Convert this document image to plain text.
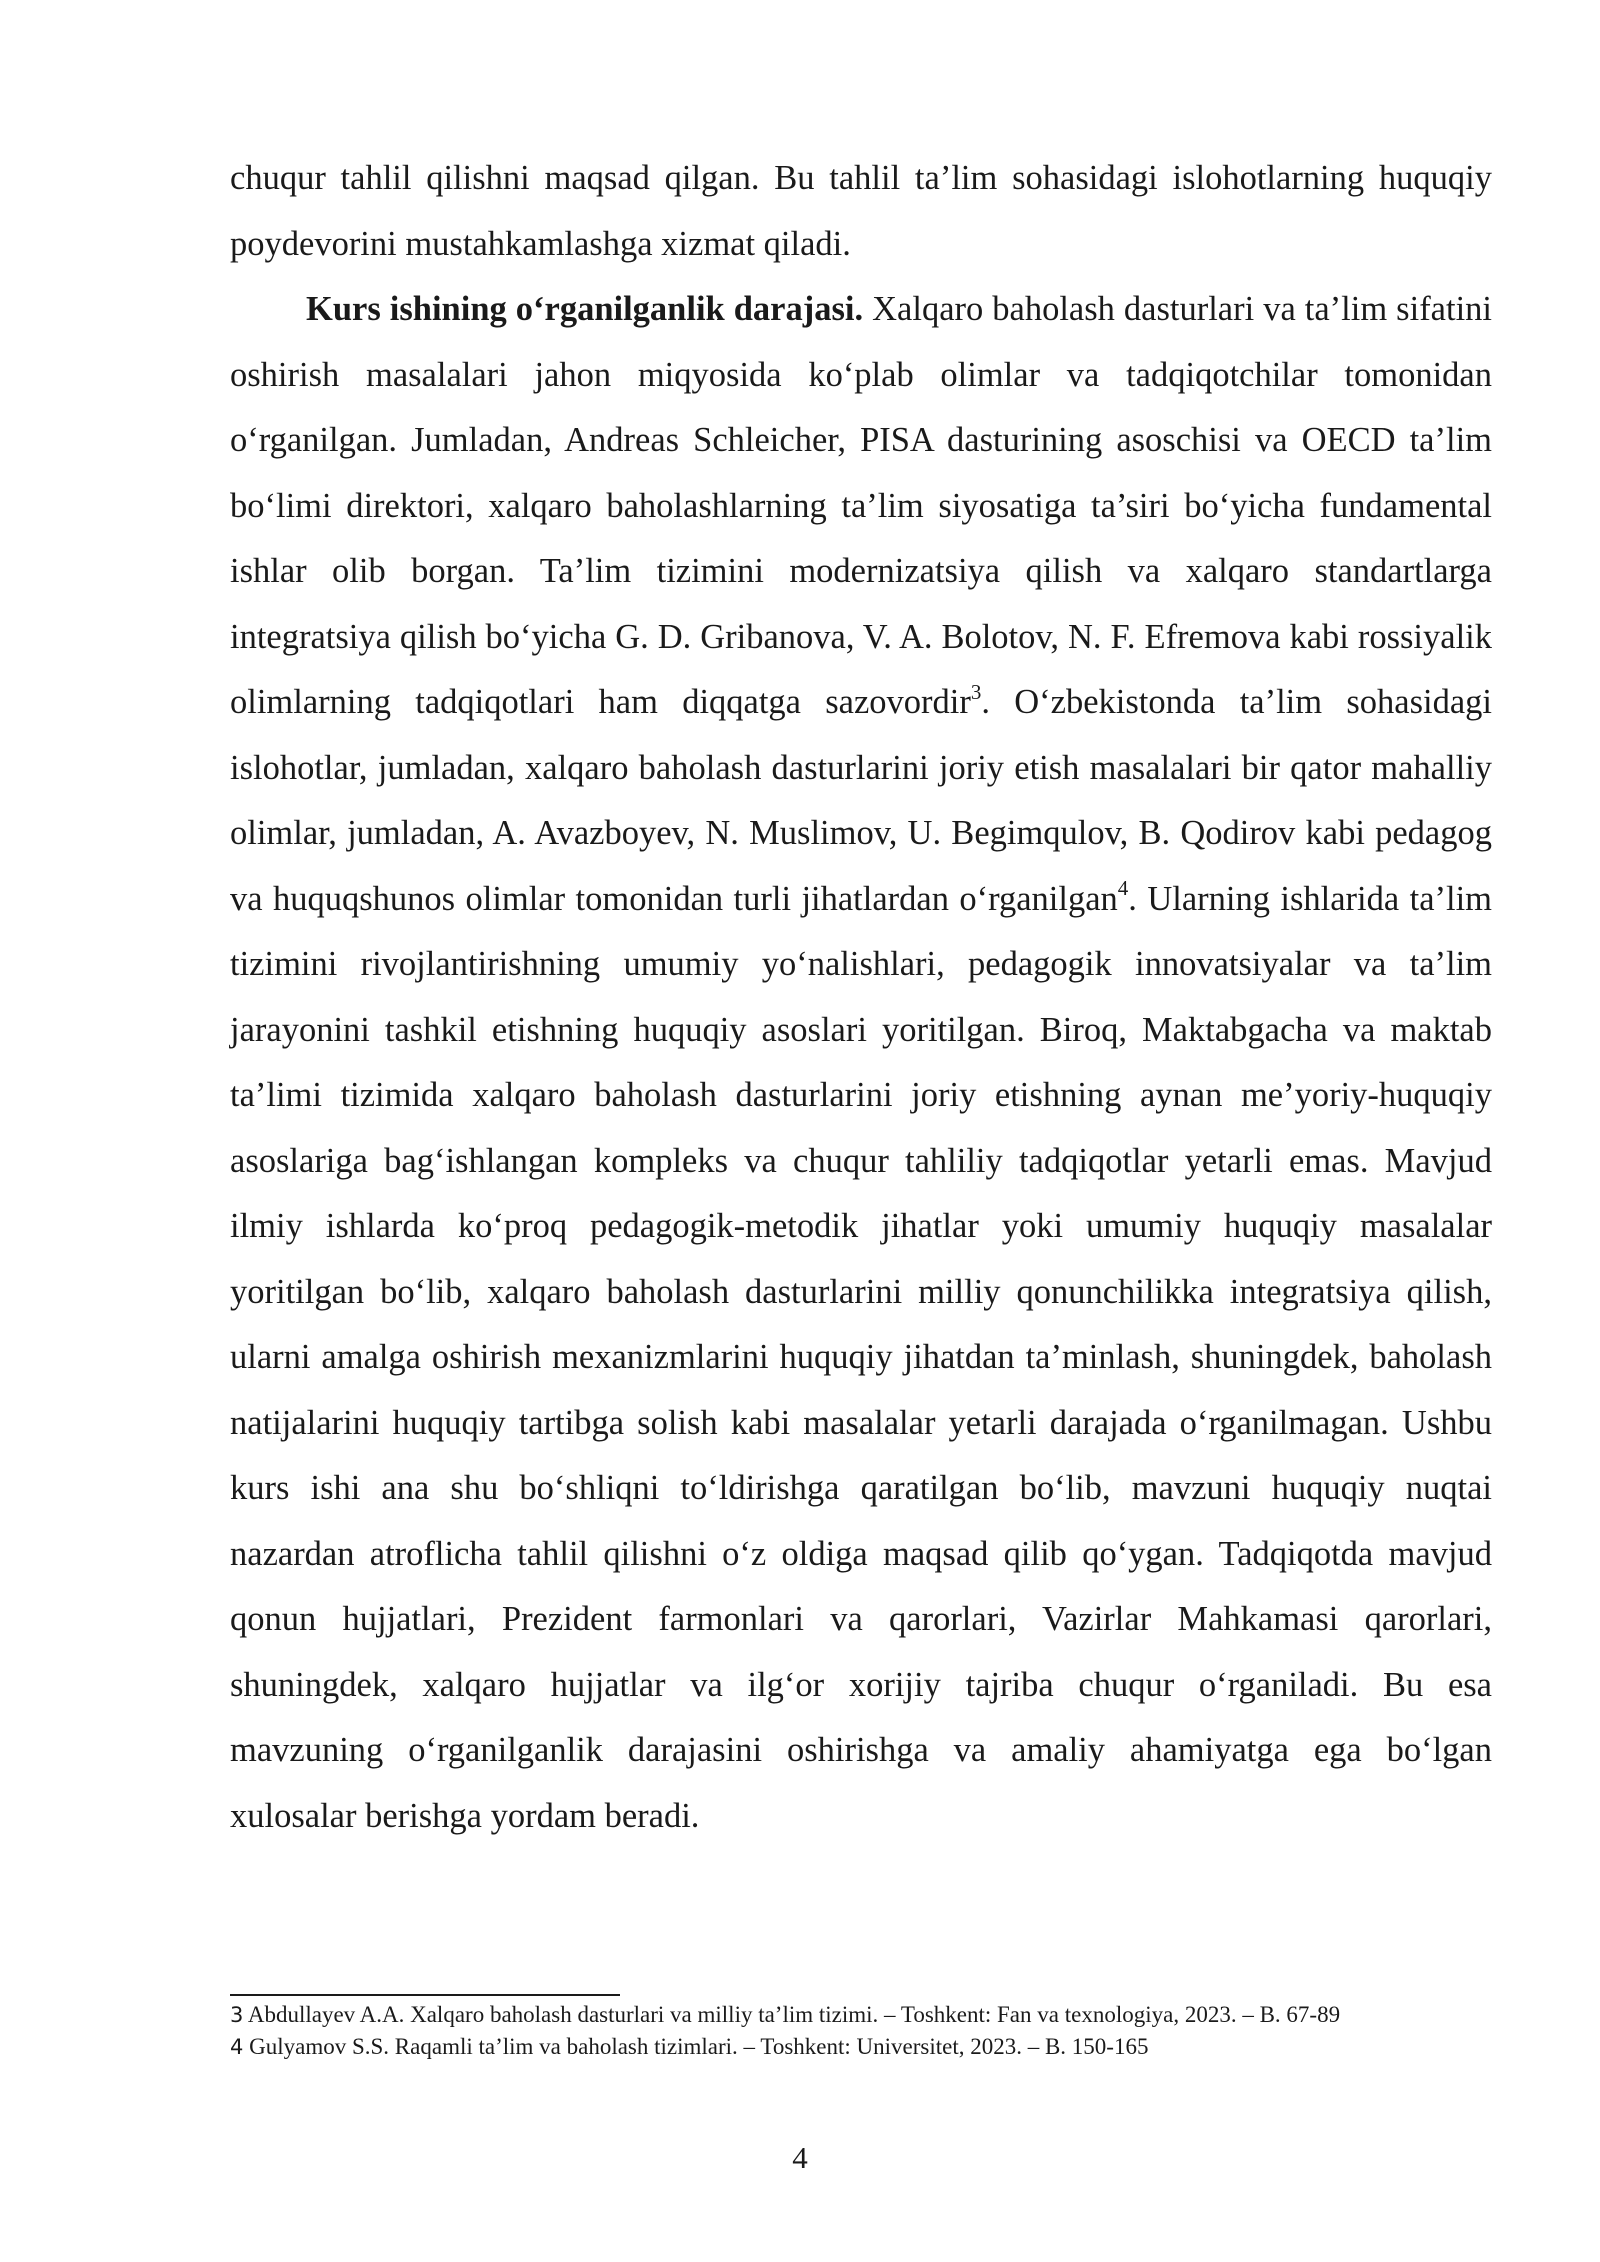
chuqur tahlil qilishni maqsad qilgan. Bu tahlil ta’lim sohasidagi islohotlarning huquqiy poydevorini mustahkamlashga xizmat qiladi.

Kurs ishining o‘rganilganlik darajasi. Xalqaro baholash dasturlari va ta’lim sifatini oshirish masalalari jahon miqyosida ko‘plab olimlar va tadqiqotchilar tomonidan o‘rganilgan. Jumladan, Andreas Schleicher, PISA dasturining asoschisi va OECD ta’lim bo‘limi direktori, xalqaro baholashlarning ta’lim siyosatiga ta’siri bo‘yicha fundamental ishlar olib borgan. Ta’lim tizimini modernizatsiya qilish va xalqaro standartlarga integratsiya qilish bo‘yicha G. D. Gribanova, V. A. Bolotov, N. F. Efremova kabi rossiyalik olimlarning tadqiqotlari ham diqqatga sazovordir$^3$. O‘zbekistonda ta’lim sohasidagi islohotlar, jumladan, xalqaro baholash dasturlarini joriy etish masalalari bir qator mahalliy olimlar, jumladan, A. Avazboyev, N. Muslimov, U. Begimqulov, B. Qodirov kabi pedagog va huquqshunos olimlar tomonidan turli jihatlardan o‘rganilgan$^4$. Ularning ishlarida ta’lim tizimini rivojlantirishning umumiy yo‘nalishlari, pedagogik innovatsiyalar va ta’lim jarayonini tashkil etishning huquqiy asoslari yoritilgan. Biroq, Maktabgacha va maktab ta’limi tizimida xalqaro baholash dasturlarini joriy etishning aynan me’yoriy-huquqiy asoslariga bag‘ishlangan kompleks va chuqur tahliliy tadqiqotlar yetarli emas. Mavjud ilmiy ishlarda ko‘proq pedagogik-metodik jihatlar yoki umumiy huquqiy masalalar yoritilgan bo‘lib, xalqaro baholash dasturlarini milliy qonunchilikka integratsiya qilish, ularni amalga oshirish mexanizmlarini huquqiy jihatdan ta’minlash, shuningdek, baholash natijalarini huquqiy tartibga solish kabi masalalar yetarli darajada o‘rganilmagan. Ushbu kurs ishi ana shu bo‘shliqni to‘ldirishga qaratilgan bo‘lib, mavzuni huquqiy nuqtai nazardan atroflicha tahlil qilishni o‘z oldiga maqsad qilib qo‘ygan. Tadqiqotda mavjud qonun hujjatlari, Prezident farmonlari va qarorlari, Vazirlar Mahkamasi qarorlari, shuningdek, xalqaro hujjatlar va ilg‘or xorijiy tajriba chuqur o‘rganiladi. Bu esa mavzuning o‘rganilganlik darajasini oshirishga va amaliy ahamiyatga ega bo‘lgan xulosalar berishga yordam beradi.

3 Abdullayev A.A. Xalqaro baholash dasturlari va milliy ta’lim tizimi. – Toshkent: Fan va texnologiya, 2023. – B. 67-89

4 Gulyamov S.S. Raqamli ta’lim va baholash tizimlari. – Toshkent: Universitet, 2023. – B. 150-165

4
